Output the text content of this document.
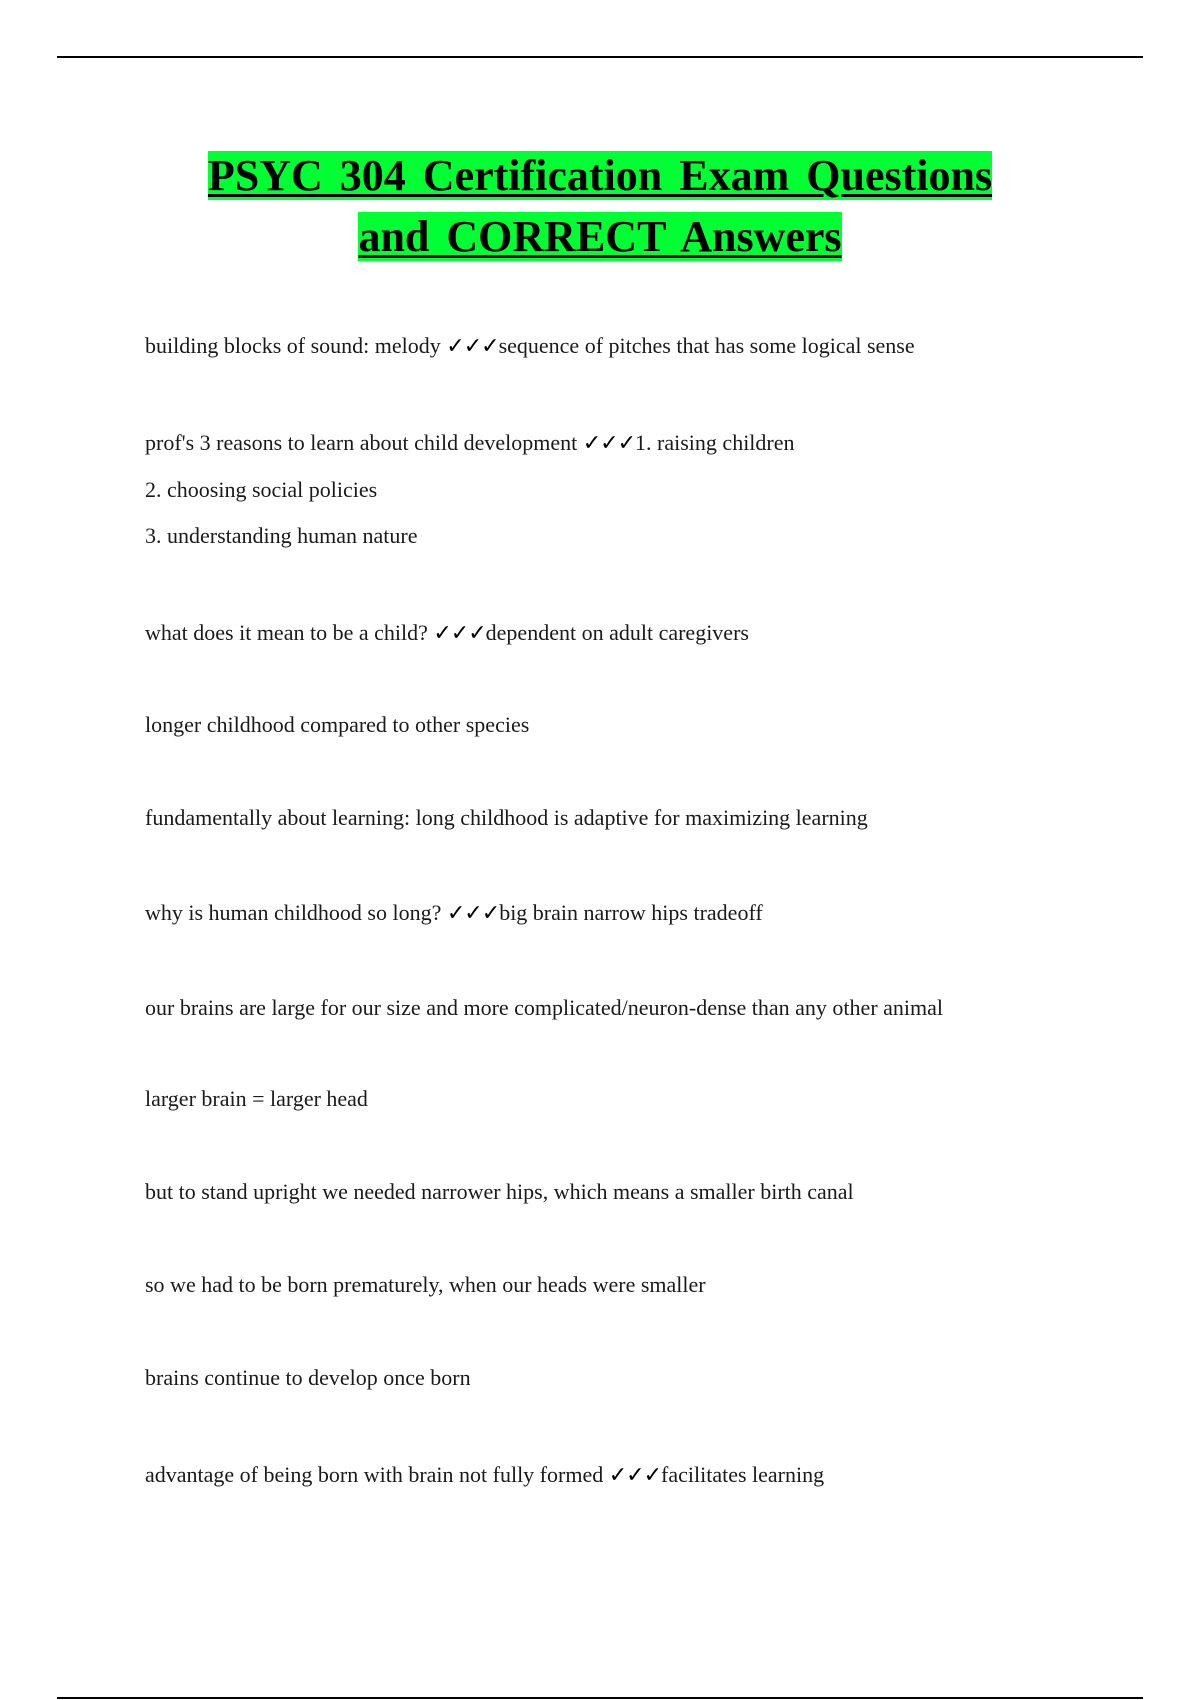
PSYC 304 Certification Exam Questions
and CORRECT Answers

building blocks of sound: melody ✓✓✓sequence of pitches that has some logical sense

prof's 3 reasons to learn about child development ✓✓✓1. raising children

2. choosing social policies

3. understanding human nature

what does it mean to be a child? ✓✓✓dependent on adult caregivers

longer childhood compared to other species

fundamentally about learning: long childhood is adaptive for maximizing learning

why is human childhood so long? ✓✓✓big brain narrow hips tradeoff

our brains are large for our size and more complicated/neuron-dense than any other animal

larger brain = larger head

but to stand upright we needed narrower hips, which means a smaller birth canal

so we had to be born prematurely, when our heads were smaller

brains continue to develop once born

advantage of being born with brain not fully formed ✓✓✓facilitates learning
